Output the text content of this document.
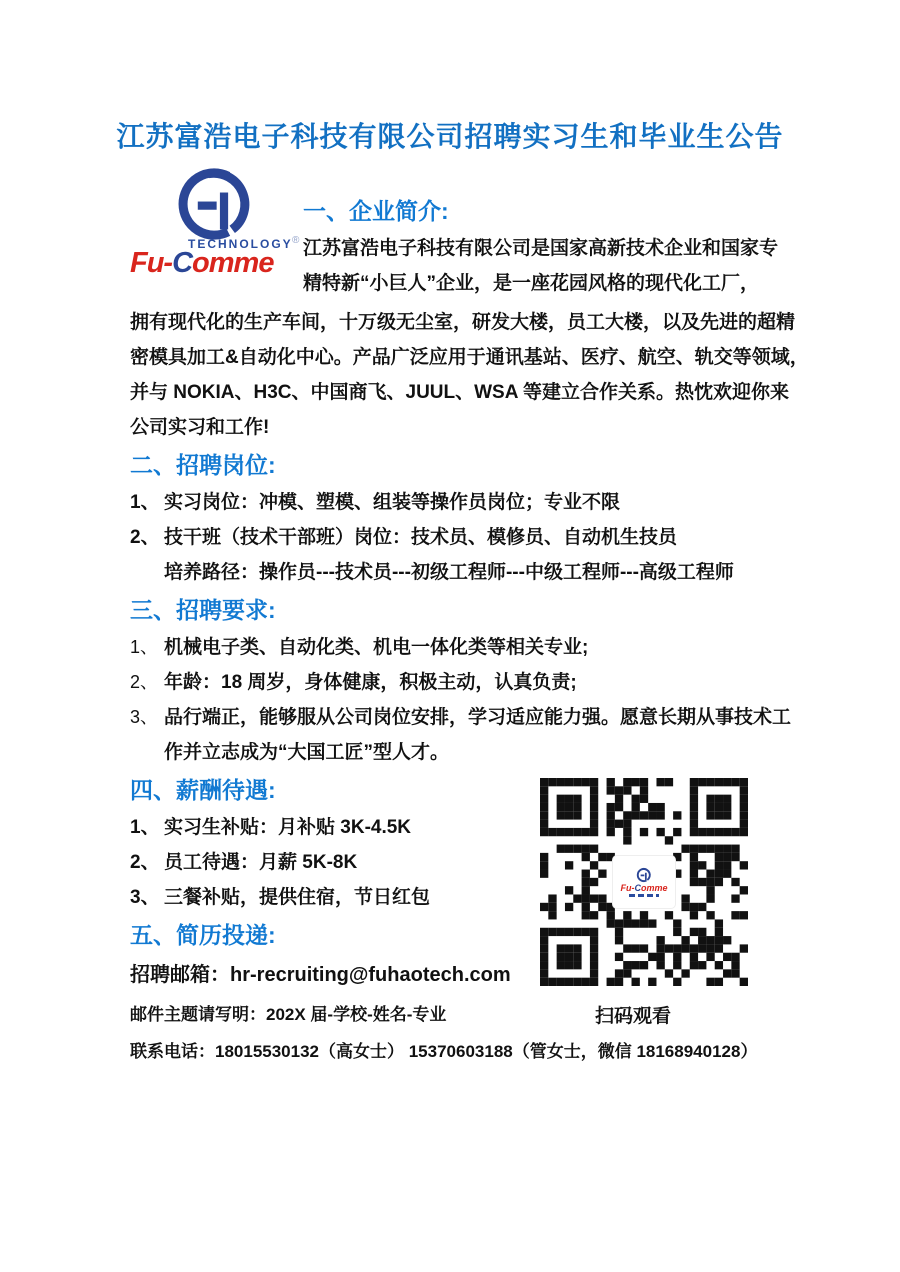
江苏富浩电子科技有限公司招聘实习生和毕业生公告
TECHNOLOGY ®
Fu-Comme
一、企业简介:

江苏富浩电子科技有限公司是国家高新技术企业和国家专

精特新“小巨人”企业，是一座花园风格的现代化工厂，

拥有现代化的生产车间，十万级无尘室，研发大楼，员工大楼，以及先进的超精

密模具加工&自动化中心。产品广泛应用于通讯基站、医疗、航空、轨交等领域，

并与 NOKIA、H3C、中国商飞、JUUL、WSA 等建立合作关系。热忱欢迎你来

公司实习和工作!

二、招聘岗位:

1、 实习岗位：冲模、塑模、组装等操作员岗位；专业不限

2、 技干班（技术干部班）岗位：技术员、模修员、自动机生技员

培养路径：操作员---技术员---初级工程师---中级工程师---高级工程师

三、招聘要求:

1、 机械电子类、自动化类、机电一体化类等相关专业;

2、 年龄：18 周岁，身体健康，积极主动，认真负责;

3、 品行端正，能够服从公司岗位安排，学习适应能力强。愿意长期从事技术工

作并立志成为“大国工匠”型人才。

四、薪酬待遇:

1、 实习生补贴：月补贴 3K-4.5K

2、 员工待遇：月薪 5K-8K

3、 三餐补贴，提供住宿，节日红包

五、简历投递:

招聘邮箱：hr-recruiting@fuhaotech.com

邮件主题请写明：202X 届-学校-姓名-专业

联系电话：18015530132（高女士） 15370603188（管女士，微信 18168940128）

Fu-Comme
扫码观看
